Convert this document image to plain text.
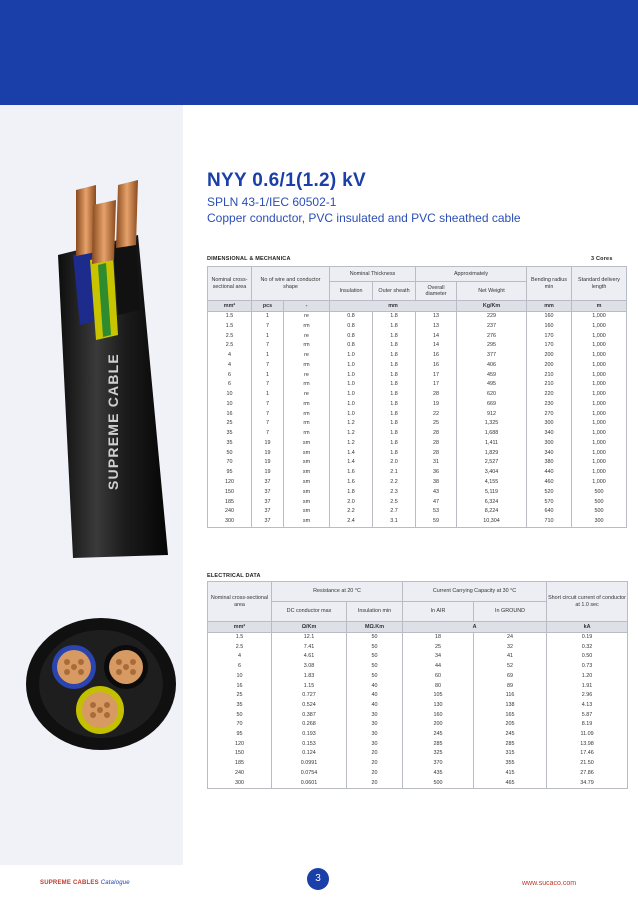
SUPREME CABLE
NYY 0.6/1(1.2) kV
SPLN 43-1/IEC 60502-1
Copper conductor, PVC insulated and PVC sheathed cable
DIMENSIONAL & MECHANICA	3 Cores
Nominal cross-sectional area	No of wire and conductor shape		Nominal Thickness		Approximately		Bending radius min	Standard delivery length
			Insulation	Outer sheath	Overall diameter	Net Weight		
mm²	pcs	-	mm			Kg/Km	mm	m
1.5	1	re	0.8	1.8	13	229	160	1,000
1.5	7	rm	0.8	1.8	13	237	160	1,000
2.5	1	re	0.8	1.8	14	276	170	1,000
2.5	7	rm	0.8	1.8	14	295	170	1,000
4	1	re	1.0	1.8	16	377	200	1,000
4	7	rm	1.0	1.8	16	406	200	1,000
6	1	re	1.0	1.8	17	459	210	1,000
6	7	rm	1.0	1.8	17	495	210	1,000
10	1	re	1.0	1.8	28	620	220	1,000
10	7	rm	1.0	1.8	19	669	230	1,000
16	7	rm	1.0	1.8	22	912	270	1,000
25	7	rm	1.2	1.8	25	1,325	300	1,000
35	7	rm	1.2	1.8	28	1,688	340	1,000
35	19	sm	1.2	1.8	28	1,411	300	1,000
50	19	sm	1.4	1.8	28	1,829	340	1,000
70	19	sm	1.4	2.0	31	2,527	380	1,000
95	19	sm	1.6	2.1	36	3,404	440	1,000
120	37	sm	1.6	2.2	38	4,155	460	1,000
150	37	sm	1.8	2.3	43	5,119	520	500
185	37	sm	2.0	2.5	47	6,324	570	500
240	37	sm	2.2	2.7	53	8,224	640	500
300	37	sm	2.4	3.1	59	10,304	710	300
ELECTRICAL DATA
Nominal cross-sectional area	Resistance at 20 °C		Current Carrying Capacity at 30 °C		Short circuit current of conductor at 1.0 sec
	DC conductor max	Insulation min	In AIR	In GROUND	
mm²	Ω/Km	MΩ.Km	A		kA
1.5	12.1	50	18	24	0.19
2.5	7.41	50	25	32	0.32
4	4.61	50	34	41	0.50
6	3.08	50	44	52	0.73
10	1.83	50	60	69	1.20
16	1.15	40	80	89	1.91
25	0.727	40	105	116	2.96
35	0.524	40	130	138	4.13
50	0.387	30	160	165	5.87
70	0.268	30	200	205	8.19
95	0.193	30	245	245	11.09
120	0.153	30	285	285	13.98
150	0.124	20	325	315	17.46
185	0.0991	20	370	355	21.50
240	0.0754	20	435	415	27.86
300	0.0601	20	500	465	34.79
SUPREME CABLES Catalogue	3	www.sucaco.com
